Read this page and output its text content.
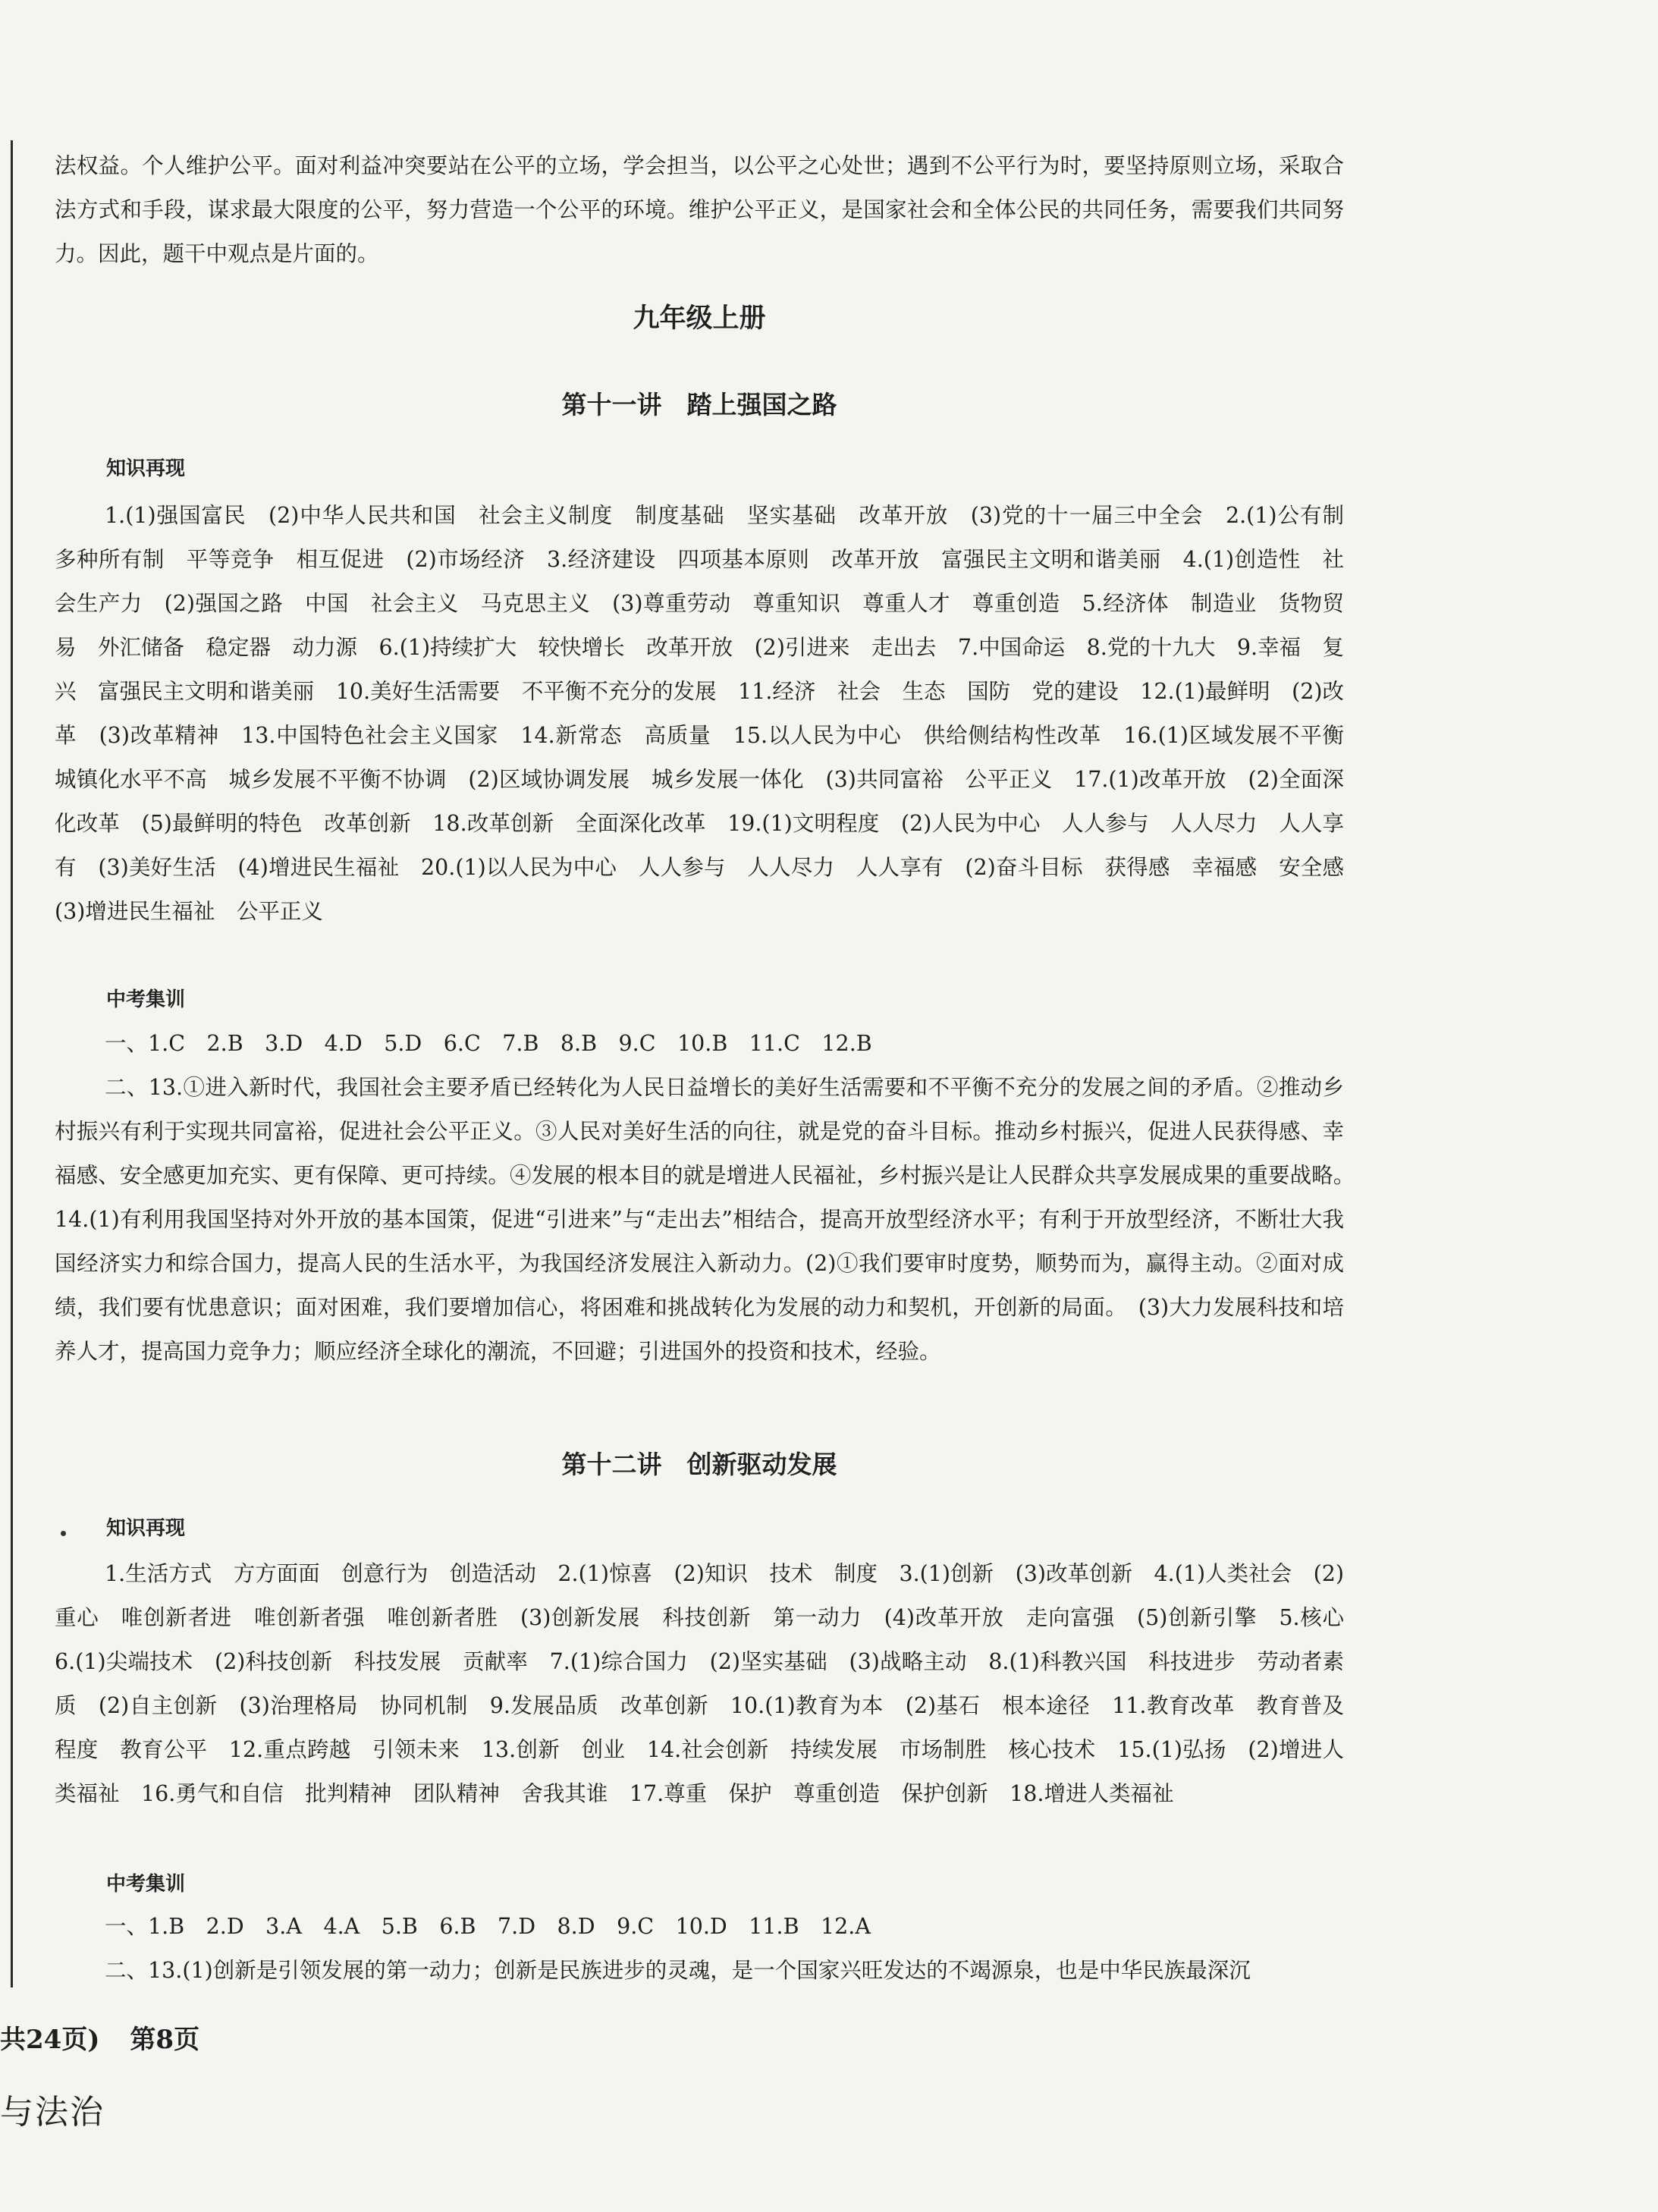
法权益。个人维护公平。面对利益冲突要站在公平的立场，学会担当，以公平之心处世；遇到不公平行为时，要坚持原则立场，采取合法方式和手段，谋求最大限度的公平，努力营造一个公平的环境。维护公平正义，是国家社会和全体公民的共同任务，需要我们共同努力。因此，题干中观点是片面的。

九年级上册
第十一讲　踏上强国之路
知识再现

1.(1)强国富民　(2)中华人民共和国　社会主义制度　制度基础　坚实基础　改革开放　(3)党的十一届三中全会　2.(1)公有制　多种所有制　平等竞争　相互促进　(2)市场经济　3.经济建设　四项基本原则　改革开放　富强民主文明和谐美丽　4.(1)创造性　社会生产力　(2)强国之路　中国　社会主义　马克思主义　(3)尊重劳动　尊重知识　尊重人才　尊重创造　5.经济体　制造业　货物贸易　外汇储备　稳定器　动力源　6.(1)持续扩大　较快增长　改革开放　(2)引进来　走出去　7.中国命运　8.党的十九大　9.幸福　复兴　富强民主文明和谐美丽　10.美好生活需要　不平衡不充分的发展　11.经济　社会　生态　国防　党的建设　12.(1)最鲜明　(2)改革　(3)改革精神　13.中国特色社会主义国家　14.新常态　高质量　15.以人民为中心　供给侧结构性改革　16.(1)区域发展不平衡　城镇化水平不高　城乡发展不平衡不协调　(2)区域协调发展　城乡发展一体化　(3)共同富裕　公平正义　17.(1)改革开放　(2)全面深化改革　(5)最鲜明的特色　改革创新　18.改革创新　全面深化改革　19.(1)文明程度　(2)人民为中心　人人参与　人人尽力　人人享有　(3)美好生活　(4)增进民生福祉　20.(1)以人民为中心　人人参与　人人尽力　人人享有　(2)奋斗目标　获得感　幸福感　安全感　(3)增进民生福祉　公平正义

中考集训

一、1.C　2.B　3.D　4.D　5.D　6.C　7.B　8.B　9.C　10.B　11.C　12.B

二、13.①进入新时代，我国社会主要矛盾已经转化为人民日益增长的美好生活需要和不平衡不充分的发展之间的矛盾。②推动乡村振兴有利于实现共同富裕，促进社会公平正义。③人民对美好生活的向往，就是党的奋斗目标。推动乡村振兴，促进人民获得感、幸福感、安全感更加充实、更有保障、更可持续。④发展的根本目的就是增进人民福祉，乡村振兴是让人民群众共享发展成果的重要战略。　14.(1)有利用我国坚持对外开放的基本国策，促进“引进来”与“走出去”相结合，提高开放型经济水平；有利于开放型经济，不断壮大我国经济实力和综合国力，提高人民的生活水平，为我国经济发展注入新动力。(2)①我们要审时度势，顺势而为，赢得主动。②面对成绩，我们要有忧患意识；面对困难，我们要增加信心，将困难和挑战转化为发展的动力和契机，开创新的局面。　(3)大力发展科技和培养人才，提高国力竞争力；顺应经济全球化的潮流，不回避；引进国外的投资和技术，经验。

第十二讲　创新驱动发展
知识再现

1.生活方式　方方面面　创意行为　创造活动　2.(1)惊喜　(2)知识　技术　制度　3.(1)创新　(3)改革创新　4.(1)人类社会　(2)重心　唯创新者进　唯创新者强　唯创新者胜　(3)创新发展　科技创新　第一动力　(4)改革开放　走向富强　(5)创新引擎　5.核心　6.(1)尖端技术　(2)科技创新　科技发展　贡献率　7.(1)综合国力　(2)坚实基础　(3)战略主动　8.(1)科教兴国　科技进步　劳动者素质　(2)自主创新　(3)治理格局　协同机制　9.发展品质　改革创新　10.(1)教育为本　(2)基石　根本途径　11.教育改革　教育普及程度　教育公平　12.重点跨越　引领未来　13.创新　创业　14.社会创新　持续发展　市场制胜　核心技术　15.(1)弘扬　(2)增进人类福祉　16.勇气和自信　批判精神　团队精神　舍我其谁　17.尊重　保护　尊重创造　保护创新　18.增进人类福祉

中考集训

一、1.B　2.D　3.A　4.A　5.B　6.B　7.D　8.D　9.C　10.D　11.B　12.A

二、13.(1)创新是引领发展的第一动力；创新是民族进步的灵魂，是一个国家兴旺发达的不竭源泉，也是中华民族最深沉

共24页) 第8页
与法治
